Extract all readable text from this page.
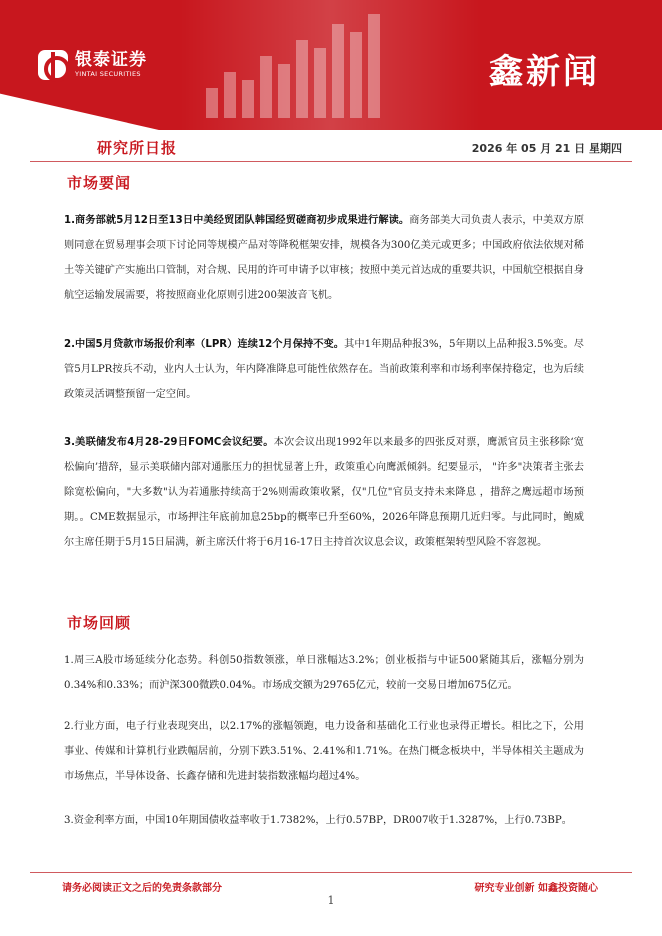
银泰证券
YINTAI SECURITIES	鑫新闻
研究所日报	2026 年 05 月 21 日 星期四
市场要闻

1.商务部就5月12日至13日中美经贸团队韩国经贸磋商初步成果进行解读。商务部美大司负责人表示，中美双方原则同意在贸易理事会项下讨论同等规模产品对等降税框架安排，规模各为300亿美元或更多；中国政府依法依规对稀土等关键矿产实施出口管制，对合规、民用的许可申请予以审核；按照中美元首达成的重要共识，中国航空根据自身航空运输发展需要，将按照商业化原则引进200架波音飞机。

2.中国5月贷款市场报价利率（LPR）连续12个月保持不变。其中1年期品种报3%，5年期以上品种报3.5%变。尽管5月LPR按兵不动，业内人士认为，年内降准降息可能性依然存在。当前政策利率和市场利率保持稳定，也为后续政策灵活调整预留一定空间。

3.美联储发布4月28-29日FOMC会议纪要。本次会议出现1992年以来最多的四张反对票，鹰派官员主张移除‘宽松偏向’措辞，显示美联储内部对通胀压力的担忧显著上升，政策重心向鹰派倾斜。纪要显示， "许多"决策者主张去除宽松偏向，"大多数"认为若通胀持续高于2%则需政策收紧，仅"几位"官员支持未来降息 ，措辞之鹰远超市场预期。。CME数据显示，市场押注年底前加息25bp的概率已升至60%，2026年降息预期几近归零。与此同时，鲍威尔主席任期于5月15日届满，新主席沃什将于6月16-17日主持首次议息会议，政策框架转型风险不容忽视。

市场回顾

1.周三A股市场延续分化态势。科创50指数领涨，单日涨幅达3.2%；创业板指与中证500紧随其后，涨幅分别为0.34%和0.33%；而沪深300微跌0.04%。市场成交额为29765亿元，较前一交易日增加675亿元。

2.行业方面，电子行业表现突出，以2.17%的涨幅领跑，电力设备和基础化工行业也录得正增长。相比之下，公用事业、传媒和计算机行业跌幅居前，分别下跌3.51%、2.41%和1.71%。在热门概念板块中，半导体相关主题成为市场焦点，半导体设备、长鑫存储和先进封装指数涨幅均超过4%。

3.资金利率方面，中国10年期国债收益率收于1.7382%，上行0.57BP，DR007收于1.3287%，上行0.73BP。

请务必阅读正文之后的免责条款部分	研究专业创新 如鑫投资随心
1
